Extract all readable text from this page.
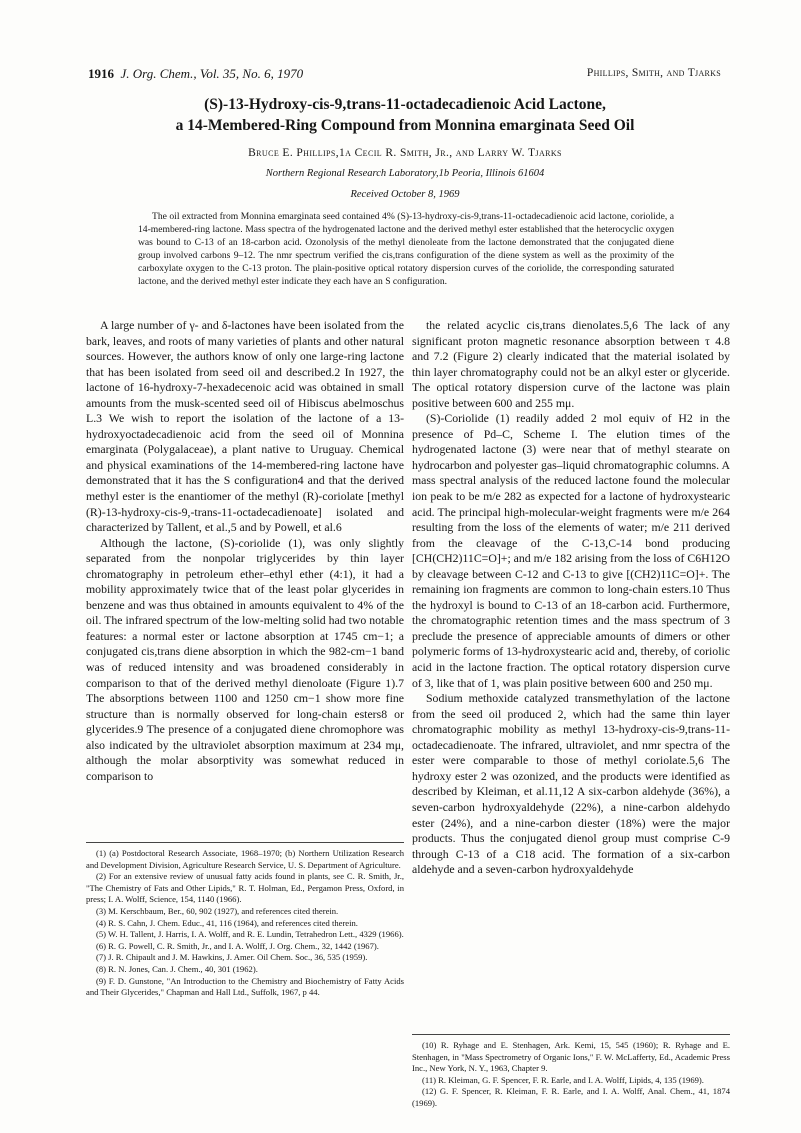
1916 J. Org. Chem., Vol. 35, No. 6, 1970	Phillips, Smith, and Tjarks
(S)-13-Hydroxy-cis-9,trans-11-octadecadienoic Acid Lactone,
a 14-Membered-Ring Compound from Monnina emarginata Seed Oil
Bruce E. Phillips,1a Cecil R. Smith, Jr., and Larry W. Tjarks
Northern Regional Research Laboratory,1b Peoria, Illinois 61604
Received October 8, 1969

The oil extracted from Monnina emarginata seed contained 4% (S)-13-hydroxy-cis-9,trans-11-octadecadienoic acid lactone, coriolide, a 14-membered-ring lactone. Mass spectra of the hydrogenated lactone and the derived methyl ester established that the heterocyclic oxygen was bound to C-13 of an 18-carbon acid. Ozonolysis of the methyl dienoleate from the lactone demonstrated that the conjugated diene group involved carbons 9–12. The nmr spectrum verified the cis,trans configuration of the diene system as well as the proximity of the carboxylate oxygen to the C-13 proton. The plain-positive optical rotatory dispersion curves of the coriolide, the corresponding saturated lactone, and the derived methyl ester indicate they each have an S configuration.

A large number of γ- and δ-lactones have been isolated from the bark, leaves, and roots of many varieties of plants and other natural sources. However, the authors know of only one large-ring lactone that has been isolated from seed oil and described.2 In 1927, the lactone of 16-hydroxy-7-hexadecenoic acid was obtained in small amounts from the musk-scented seed oil of Hibiscus abelmoschus L.3 We wish to report the isolation of the lactone of a 13-hydroxyoctadecadienoic acid from the seed oil of Monnina emarginata (Polygalaceae), a plant native to Uruguay. Chemical and physical examinations of the 14-membered-ring lactone have demonstrated that it has the S configuration4 and that the derived methyl ester is the enantiomer of the methyl (R)-coriolate [methyl (R)-13-hydroxy-cis-9,-trans-11-octadecadienoate] isolated and characterized by Tallent, et al.,5 and by Powell, et al.6

Although the lactone, (S)-coriolide (1), was only slightly separated from the nonpolar triglycerides by thin layer chromatography in petroleum ether–ethyl ether (4:1), it had a mobility approximately twice that of the least polar glycerides in benzene and was thus obtained in amounts equivalent to 4% of the oil. The infrared spectrum of the low-melting solid had two notable features: a normal ester or lactone absorption at 1745 cm−1; a conjugated cis,trans diene absorption in which the 982-cm−1 band was of reduced intensity and was broadened considerably in comparison to that of the derived methyl dienoloate (Figure 1).7 The absorptions between 1100 and 1250 cm−1 show more fine structure than is normally observed for long-chain esters8 or glycerides.9 The presence of a conjugated diene chromophore was also indicated by the ultraviolet absorption maximum at 234 mμ, although the molar absorptivity was somewhat reduced in comparison to

the related acyclic cis,trans dienolates.5,6 The lack of any significant proton magnetic resonance absorption between τ 4.8 and 7.2 (Figure 2) clearly indicated that the material isolated by thin layer chromatography could not be an alkyl ester or glyceride. The optical rotatory dispersion curve of the lactone was plain positive between 600 and 255 mμ.

(S)-Coriolide (1) readily added 2 mol equiv of H2 in the presence of Pd–C, Scheme I. The elution times of the hydrogenated lactone (3) were near that of methyl stearate on hydrocarbon and polyester gas–liquid chromatographic columns. A mass spectral analysis of the reduced lactone found the molecular ion peak to be m/e 282 as expected for a lactone of hydroxystearic acid. The principal high-molecular-weight fragments were m/e 264 resulting from the loss of the elements of water; m/e 211 derived from the cleavage of the C-13,C-14 bond producing [CH(CH2)11C=O]+; and m/e 182 arising from the loss of C6H12O by cleavage between C-12 and C-13 to give [(CH2)11C=O]+. The remaining ion fragments are common to long-chain esters.10 Thus the hydroxyl is bound to C-13 of an 18-carbon acid. Furthermore, the chromatographic retention times and the mass spectrum of 3 preclude the presence of appreciable amounts of dimers or other polymeric forms of 13-hydroxystearic acid and, thereby, of coriolic acid in the lactone fraction. The optical rotatory dispersion curve of 3, like that of 1, was plain positive between 600 and 250 mμ.

Sodium methoxide catalyzed transmethylation of the lactone from the seed oil produced 2, which had the same thin layer chromatographic mobility as methyl 13-hydroxy-cis-9,trans-11-octadecadienoate. The infrared, ultraviolet, and nmr spectra of the ester were comparable to those of methyl coriolate.5,6 The hydroxy ester 2 was ozonized, and the products were identified as described by Kleiman, et al.11,12 A six-carbon aldehyde (36%), a seven-carbon hydroxyaldehyde (22%), a nine-carbon aldehydo ester (24%), and a nine-carbon diester (18%) were the major products. Thus the conjugated dienol group must comprise C-9 through C-13 of a C18 acid. The formation of a six-carbon aldehyde and a seven-carbon hydroxyaldehyde

(1) (a) Postdoctoral Research Associate, 1968–1970; (b) Northern Utilization Research and Development Division, Agriculture Research Service, U. S. Department of Agriculture.

(2) For an extensive review of unusual fatty acids found in plants, see C. R. Smith, Jr., "The Chemistry of Fats and Other Lipids," R. T. Holman, Ed., Pergamon Press, Oxford, in press; I. A. Wolff, Science, 154, 1140 (1966).

(3) M. Kerschbaum, Ber., 60, 902 (1927), and references cited therein.

(4) R. S. Cahn, J. Chem. Educ., 41, 116 (1964), and references cited therein.

(5) W. H. Tallent, J. Harris, I. A. Wolff, and R. E. Lundin, Tetrahedron Lett., 4329 (1966).

(6) R. G. Powell, C. R. Smith, Jr., and I. A. Wolff, J. Org. Chem., 32, 1442 (1967).

(7) J. R. Chipault and J. M. Hawkins, J. Amer. Oil Chem. Soc., 36, 535 (1959).

(8) R. N. Jones, Can. J. Chem., 40, 301 (1962).

(9) F. D. Gunstone, "An Introduction to the Chemistry and Biochemistry of Fatty Acids and Their Glycerides," Chapman and Hall Ltd., Suffolk, 1967, p 44.

(10) R. Ryhage and E. Stenhagen, Ark. Kemi, 15, 545 (1960); R. Ryhage and E. Stenhagen, in "Mass Spectrometry of Organic Ions," F. W. McLafferty, Ed., Academic Press Inc., New York, N. Y., 1963, Chapter 9.

(11) R. Kleiman, G. F. Spencer, F. R. Earle, and I. A. Wolff, Lipids, 4, 135 (1969).

(12) G. F. Spencer, R. Kleiman, F. R. Earle, and I. A. Wolff, Anal. Chem., 41, 1874 (1969).
